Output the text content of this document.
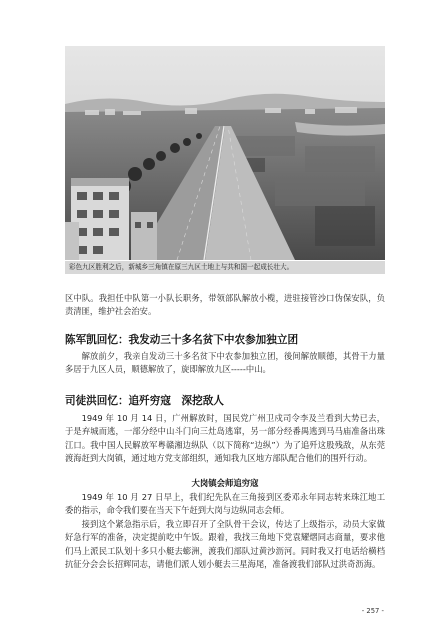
彩色九区胜利之后，新城乡三角镇在原三九区土地上与共和国一起成长壮大。
区中队。我担任中队第一小队长职务，带领部队解放小榄，进驻接管沙口伪保安队，负责清匪，维护社会治安。
陈军凯回忆：我发动三十多名贫下中农参加独立团
解放前夕，我亲自发动三十多名贫下中农参加独立团，後间解放顺德，其骨干力量多居于九区人员，顺德解放了，旋即解放九区-----中山。
司徒洪回忆：追歼穷寇　深挖敌人
1949 年 10 月 14 日，广州解放时，国民党广州卫戍司令李及兰看到大势已去，于是弃城而逃，一部分经中山斗门向三灶岛逃窜，另一部分经番禺逃到马马庙准备出珠江口。我中国人民解放军粤赣湘边纵队（以下简称“边纵”）为了追歼这股残敌，从东莞渡海赶到大岗镇，通过地方党支部组织，通知我九区地方部队配合他们的围歼行动。
大岗镇会师追穷寇
1949 年 10 月 27 日早上，我们纪先队在三角接到区委邓永年同志转来珠江地工委的指示，命令我们要在当天下午赶到大岗与边纵同志会师。
接到这个紧急指示后，我立即召开了全队骨干会议，传达了上级指示，动员大家做好急行军的准备，决定提前吃中午饭。跟着，我找三角地下党袁耀熠同志商量，要求他们马上派民工队划十多只小艇去蟛洲，渡我们部队过黄沙沥河。同时我又打电话给横档抗征分会会长招辉同志，请他们派人划小艇去三星海尾，准备渡我们部队过洪奇沥海。
- 257 -
